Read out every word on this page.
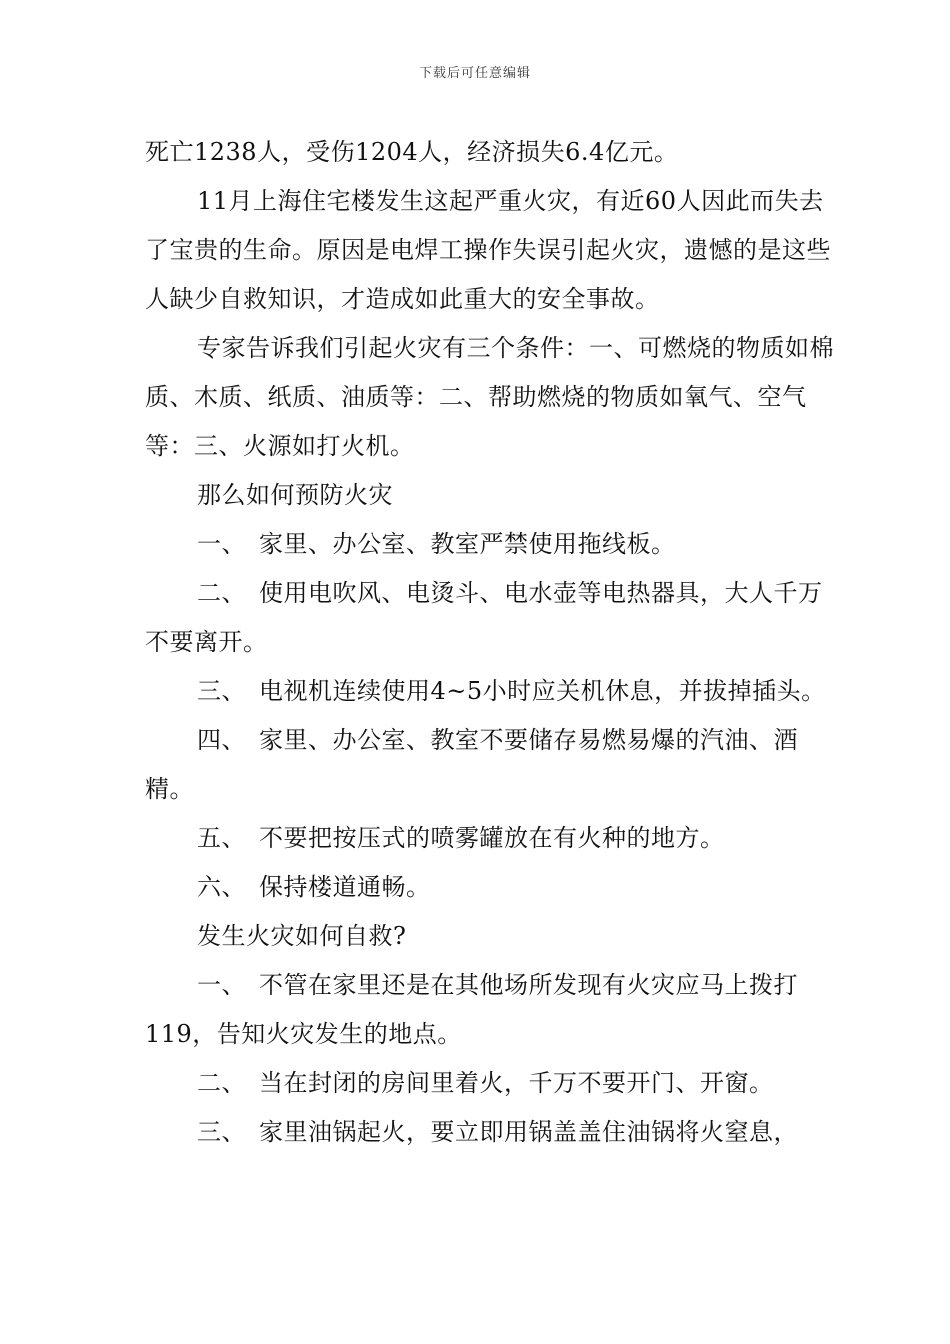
下载后可任意编辑

死亡1238人，受伤1204人，经济损失6.4亿元。

11月上海住宅楼发生这起严重火灾，有近60人因此而失去了宝贵的生命。原因是电焊工操作失误引起火灾，遗憾的是这些人缺少自救知识，才造成如此重大的安全事故。

专家告诉我们引起火灾有三个条件：一、可燃烧的物质如棉质、木质、纸质、油质等：二、帮助燃烧的物质如氧气、空气等：三、火源如打火机。

那么如何预防火灾

一、 家里、办公室、教室严禁使用拖线板。

二、 使用电吹风、电烫斗、电水壶等电热器具，大人千万不要离开。

三、 电视机连续使用4~5小时应关机休息，并拔掉插头。

四、 家里、办公室、教室不要储存易燃易爆的汽油、酒精。

五、 不要把按压式的喷雾罐放在有火种的地方。

六、 保持楼道通畅。

发生火灾如何自救?

一、 不管在家里还是在其他场所发现有火灾应马上拨打119，告知火灾发生的地点。

二、 当在封闭的房间里着火，千万不要开门、开窗。

三、 家里油锅起火，要立即用锅盖盖住油锅将火窒息，
